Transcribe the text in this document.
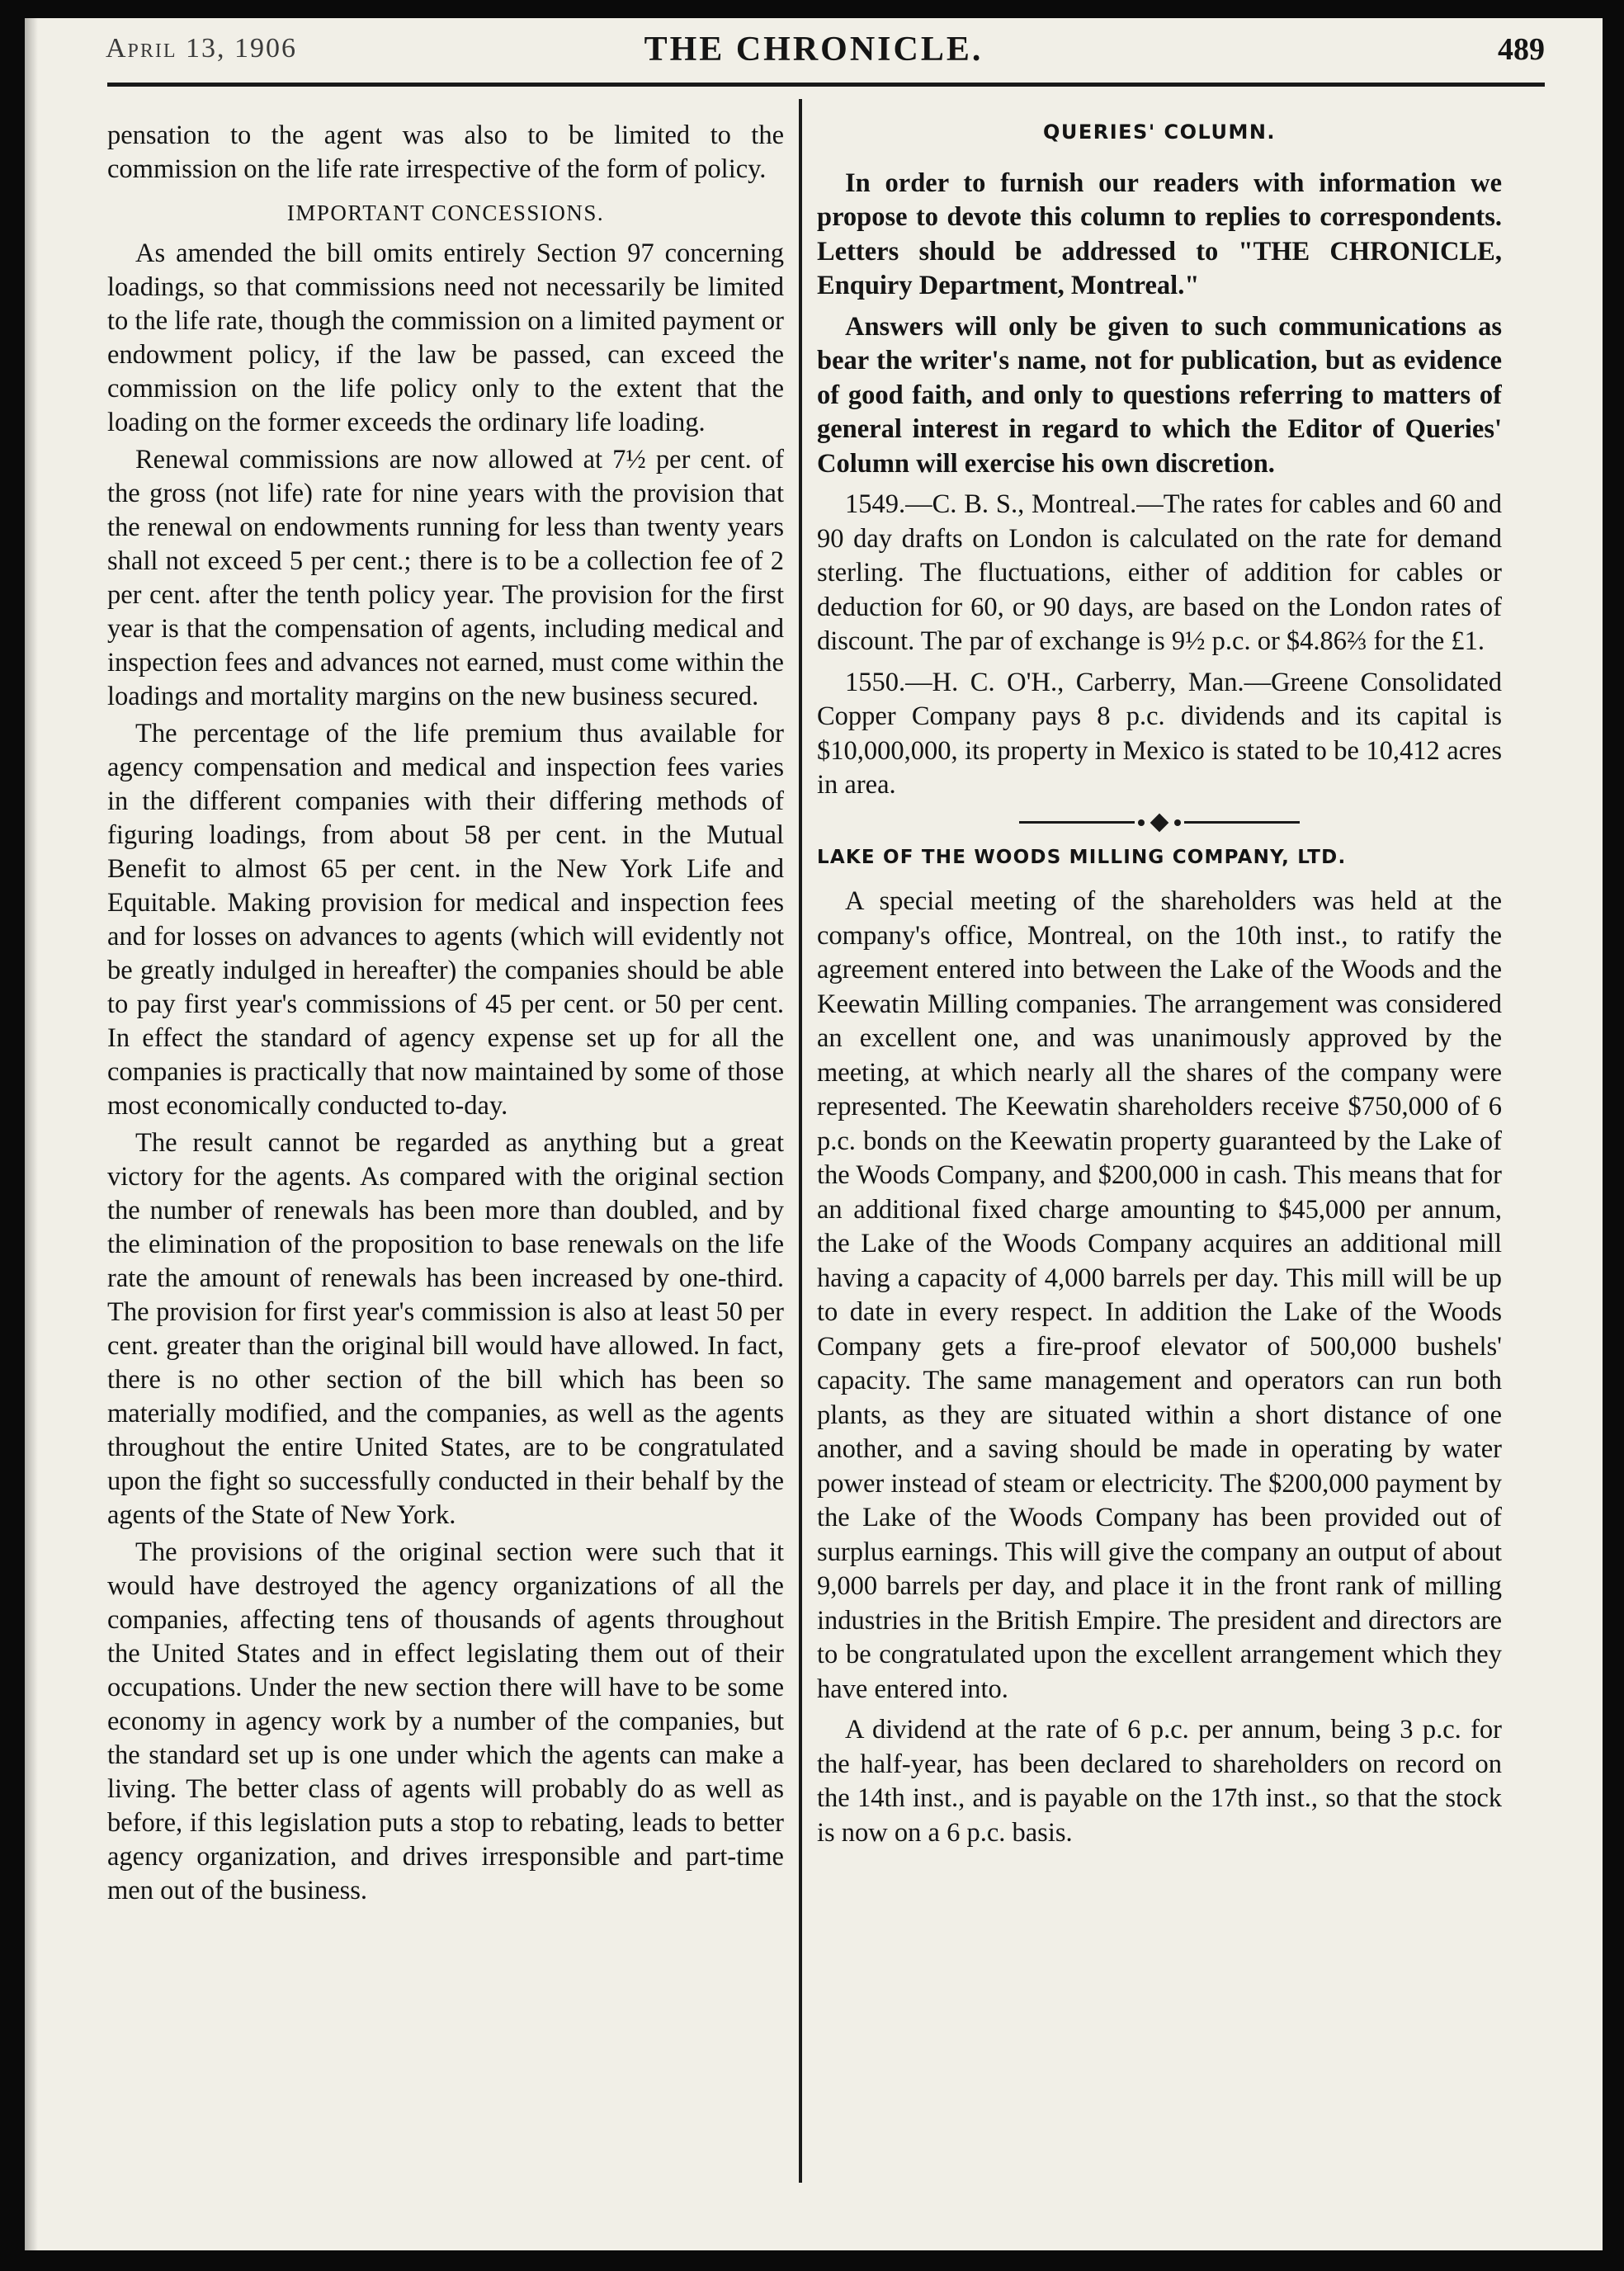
April 13, 1906	THE CHRONICLE.	489

pensation to the agent was also to be limited to the commission on the life rate irrespective of the form of policy.

IMPORTANT CONCESSIONS.

As amended the bill omits entirely Section 97 concerning loadings, so that commissions need not necessarily be limited to the life rate, though the commission on a limited payment or endowment policy, if the law be passed, can exceed the commission on the life policy only to the extent that the loading on the former exceeds the ordinary life loading.

Renewal commissions are now allowed at 7½ per cent. of the gross (not life) rate for nine years with the provision that the renewal on endowments running for less than twenty years shall not exceed 5 per cent.; there is to be a collection fee of 2 per cent. after the tenth policy year. The provision for the first year is that the compensation of agents, including medical and inspection fees and advances not earned, must come within the loadings and mortality margins on the new business secured.

The percentage of the life premium thus available for agency compensation and medical and inspection fees varies in the different companies with their differing methods of figuring loadings, from about 58 per cent. in the Mutual Benefit to almost 65 per cent. in the New York Life and Equitable. Making provision for medical and inspection fees and for losses on advances to agents (which will evidently not be greatly indulged in hereafter) the companies should be able to pay first year's commissions of 45 per cent. or 50 per cent. In effect the standard of agency expense set up for all the companies is practically that now maintained by some of those most economically conducted to-day.

The result cannot be regarded as anything but a great victory for the agents. As compared with the original section the number of renewals has been more than doubled, and by the elimination of the proposition to base renewals on the life rate the amount of renewals has been increased by one-third. The provision for first year's commission is also at least 50 per cent. greater than the original bill would have allowed. In fact, there is no other section of the bill which has been so materially modified, and the companies, as well as the agents throughout the entire United States, are to be congratulated upon the fight so successfully conducted in their behalf by the agents of the State of New York.

The provisions of the original section were such that it would have destroyed the agency organizations of all the companies, affecting tens of thousands of agents throughout the United States and in effect legislating them out of their occupations. Under the new section there will have to be some economy in agency work by a number of the companies, but the standard set up is one under which the agents can make a living. The better class of agents will probably do as well as before, if this legislation puts a stop to rebating, leads to better agency organization, and drives irresponsible and part-time men out of the business.

QUERIES' COLUMN.

In order to furnish our readers with information we propose to devote this column to replies to correspondents. Letters should be addressed to "THE CHRONICLE, Enquiry Department, Montreal."

Answers will only be given to such communications as bear the writer's name, not for publication, but as evidence of good faith, and only to questions referring to matters of general interest in regard to which the Editor of Queries' Column will exercise his own discretion.

1549.—C. B. S., Montreal.—The rates for cables and 60 and 90 day drafts on London is calculated on the rate for demand sterling. The fluctuations, either of addition for cables or deduction for 60, or 90 days, are based on the London rates of discount. The par of exchange is 9½ p.c. or $4.86⅔ for the £1.

1550.—H. C. O'H., Carberry, Man.—Greene Consolidated Copper Company pays 8 p.c. dividends and its capital is $10,000,000, its property in Mexico is stated to be 10,412 acres in area.

LAKE OF THE WOODS MILLING COMPANY, LTD.

A special meeting of the shareholders was held at the company's office, Montreal, on the 10th inst., to ratify the agreement entered into between the Lake of the Woods and the Keewatin Milling companies. The arrangement was considered an excellent one, and was unanimously approved by the meeting, at which nearly all the shares of the company were represented. The Keewatin shareholders receive $750,000 of 6 p.c. bonds on the Keewatin property guaranteed by the Lake of the Woods Company, and $200,000 in cash. This means that for an additional fixed charge amounting to $45,000 per annum, the Lake of the Woods Company acquires an additional mill having a capacity of 4,000 barrels per day. This mill will be up to date in every respect. In addition the Lake of the Woods Company gets a fire-proof elevator of 500,000 bushels' capacity. The same management and operators can run both plants, as they are situated within a short distance of one another, and a saving should be made in operating by water power instead of steam or electricity. The $200,000 payment by the Lake of the Woods Company has been provided out of surplus earnings. This will give the company an output of about 9,000 barrels per day, and place it in the front rank of milling industries in the British Empire. The president and directors are to be congratulated upon the excellent arrangement which they have entered into.

A dividend at the rate of 6 p.c. per annum, being 3 p.c. for the half-year, has been declared to shareholders on record on the 14th inst., and is payable on the 17th inst., so that the stock is now on a 6 p.c. basis.
